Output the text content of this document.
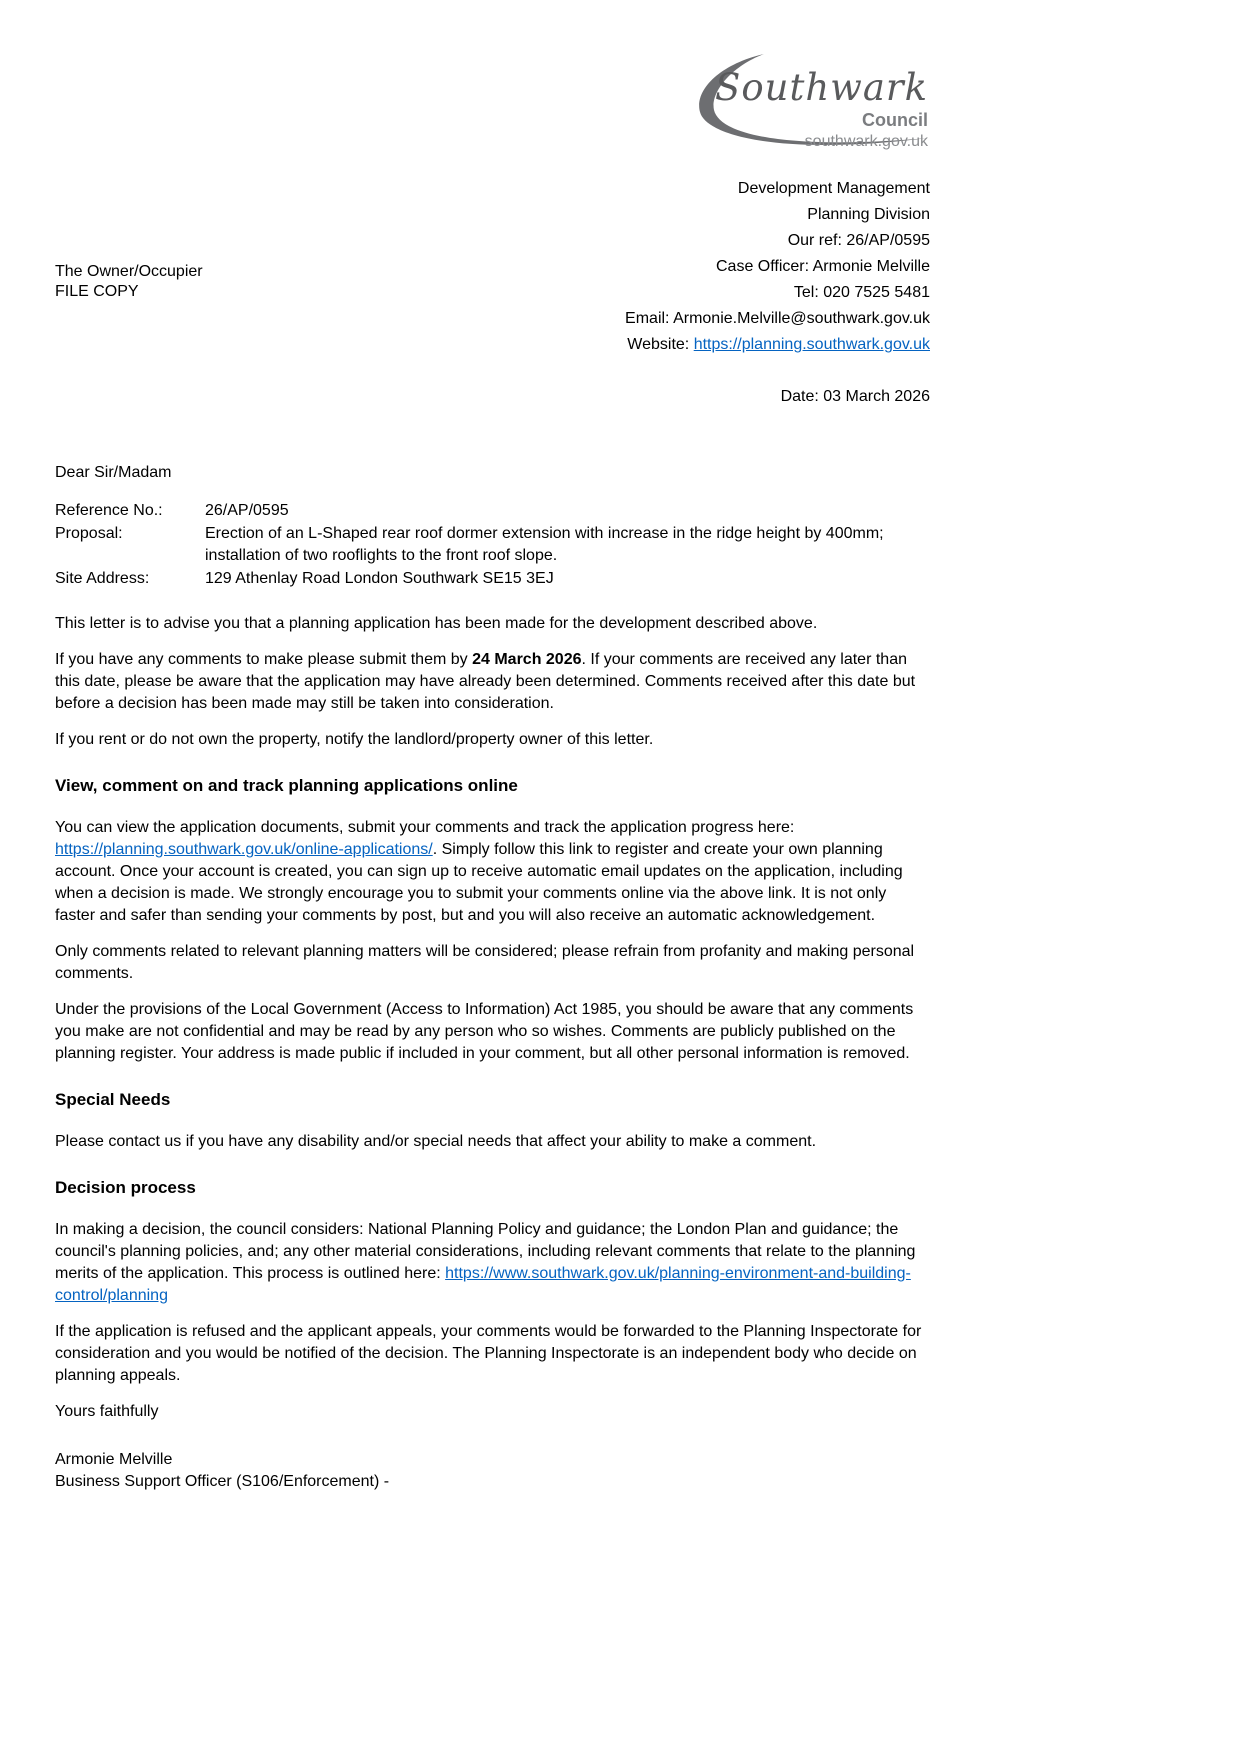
The Owner/Occupier
FILE COPY
Southwark
Council
southwark.gov.uk
Development Management
Planning Division
Our ref: 26/AP/0595
Case Officer: Armonie Melville
Tel: 020 7525 5481
Email: Armonie.Melville@southwark.gov.uk
Website: https://planning.southwark.gov.uk
Date: 03 March 2026

Dear Sir/Madam

Reference No.:	26/AP/0595
Proposal:	Erection of an L-Shaped rear roof dormer extension with increase in the ridge height by 400mm; installation of two rooflights to the front roof slope.
Site Address:	129 Athenlay Road London Southwark SE15 3EJ

This letter is to advise you that a planning application has been made for the development described above.

If you have any comments to make please submit them by 24 March 2026. If your comments are received any later than this date, please be aware that the application may have already been determined. Comments received after this date but before a decision has been made may still be taken into consideration.

If you rent or do not own the property, notify the landlord/property owner of this letter.

View, comment on and track planning applications online

You can view the application documents, submit your comments and track the application progress here: https://planning.southwark.gov.uk/online-applications/. Simply follow this link to register and create your own planning account. Once your account is created, you can sign up to receive automatic email updates on the application, including when a decision is made. We strongly encourage you to submit your comments online via the above link. It is not only faster and safer than sending your comments by post, but and you will also receive an automatic acknowledgement.

Only comments related to relevant planning matters will be considered; please refrain from profanity and making personal comments.

Under the provisions of the Local Government (Access to Information) Act 1985, you should be aware that any comments you make are not confidential and may be read by any person who so wishes. Comments are publicly published on the planning register. Your address is made public if included in your comment, but all other personal information is removed.

Special Needs

Please contact us if you have any disability and/or special needs that affect your ability to make a comment.

Decision process

In making a decision, the council considers: National Planning Policy and guidance; the London Plan and guidance; the council's planning policies, and; any other material considerations, including relevant comments that relate to the planning merits of the application. This process is outlined here: https://www.southwark.gov.uk/planning-environment-and-building-control/planning

If the application is refused and the applicant appeals, your comments would be forwarded to the Planning Inspectorate for consideration and you would be notified of the decision. The Planning Inspectorate is an independent body who decide on planning appeals.

Yours faithfully

Armonie Melville
Business Support Officer (S106/Enforcement) -
